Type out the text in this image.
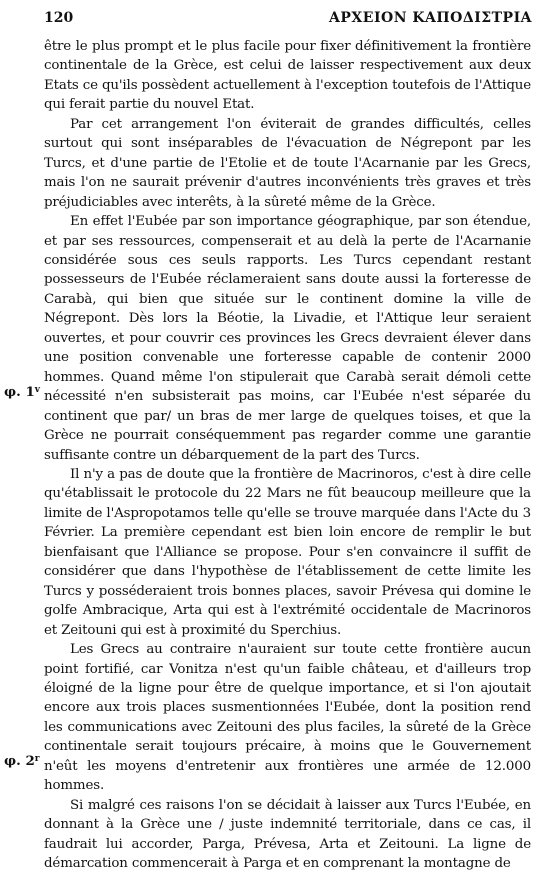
120	ΑΡΧΕΙΟΝ ΚΑΠΟΔΙΣΤΡΙΑ
φ. 1$^v$
φ. 2$^r$

être le plus prompt et le plus facile pour fixer définitivement la frontière continentale de la Grèce, est celui de laisser respectivement aux deux Etats ce qu'ils possèdent actuellement à l'exception toutefois de l'Attique qui ferait partie du nouvel Etat.

Par cet arrangement l'on éviterait de grandes difficultés, celles surtout qui sont inséparables de l'évacuation de Négrepont par les Turcs, et d'une partie de l'Etolie et de toute l'Acarnanie par les Grecs, mais l'on ne saurait prévenir d'autres inconvénients très graves et très préjudiciables avec interêts, à la sûreté même de la Grèce.

En effet l'Eubée par son importance géographique, par son étendue, et par ses ressources, compenserait et au delà la perte de l'Acarnanie considérée sous ces seuls rapports. Les Turcs cependant restant possesseurs de l'Eubée réclameraient sans doute aussi la forteresse de Carabà, qui bien que située sur le continent domine la ville de Négrepont. Dès lors la Béotie, la Livadie, et l'Attique leur seraient ouvertes, et pour couvrir ces provinces les Grecs devraient élever dans une position convenable une forteresse capable de contenir 2000 hommes. Quand même l'on stipulerait que Carabà serait démoli cette nécessité n'en subsisterait pas moins, car l'Eubée n'est séparée du continent que par/ un bras de mer large de quelques toises, et que la Grèce ne pourrait conséquemment pas regarder comme une garantie suffisante contre un débarquement de la part des Turcs.

Il n'y a pas de doute que la frontière de Macrinoros, c'est à dire celle qu'établissait le protocole du 22 Mars ne fût beaucoup meilleure que la limite de l'Aspropotamos telle qu'elle se trouve marquée dans l'Acte du 3 Février. La première cependant est bien loin encore de remplir le but bienfaisant que l'Alliance se propose. Pour s'en convaincre il suffit de considérer que dans l'hypothèse de l'établissement de cette limite les Turcs y posséderaient trois bonnes places, savoir Prévesa qui domine le golfe Ambracique, Arta qui est à l'extrémité occidentale de Macrinoros et Zeitouni qui est à proximité du Sperchius.

Les Grecs au contraire n'auraient sur toute cette frontière aucun point fortifié, car Vonitza n'est qu'un faible château, et d'ailleurs trop éloigné de la ligne pour être de quelque importance, et si l'on ajoutait encore aux trois places susmentionnées l'Eubée, dont la position rend les communications avec Zeitouni des plus faciles, la sûreté de la Grèce continentale serait toujours précaire, à moins que le Gouvernement n'eût les moyens d'entretenir aux frontières une armée de 12.000 hommes.

Si malgré ces raisons l'on se décidait à laisser aux Turcs l'Eubée, en donnant à la Grèce une / juste indemnité territoriale, dans ce cas, il faudrait lui accorder, Parga, Prévesa, Arta et Zeitouni. La ligne de démarcation commencerait à Parga et en comprenant la montagne de
